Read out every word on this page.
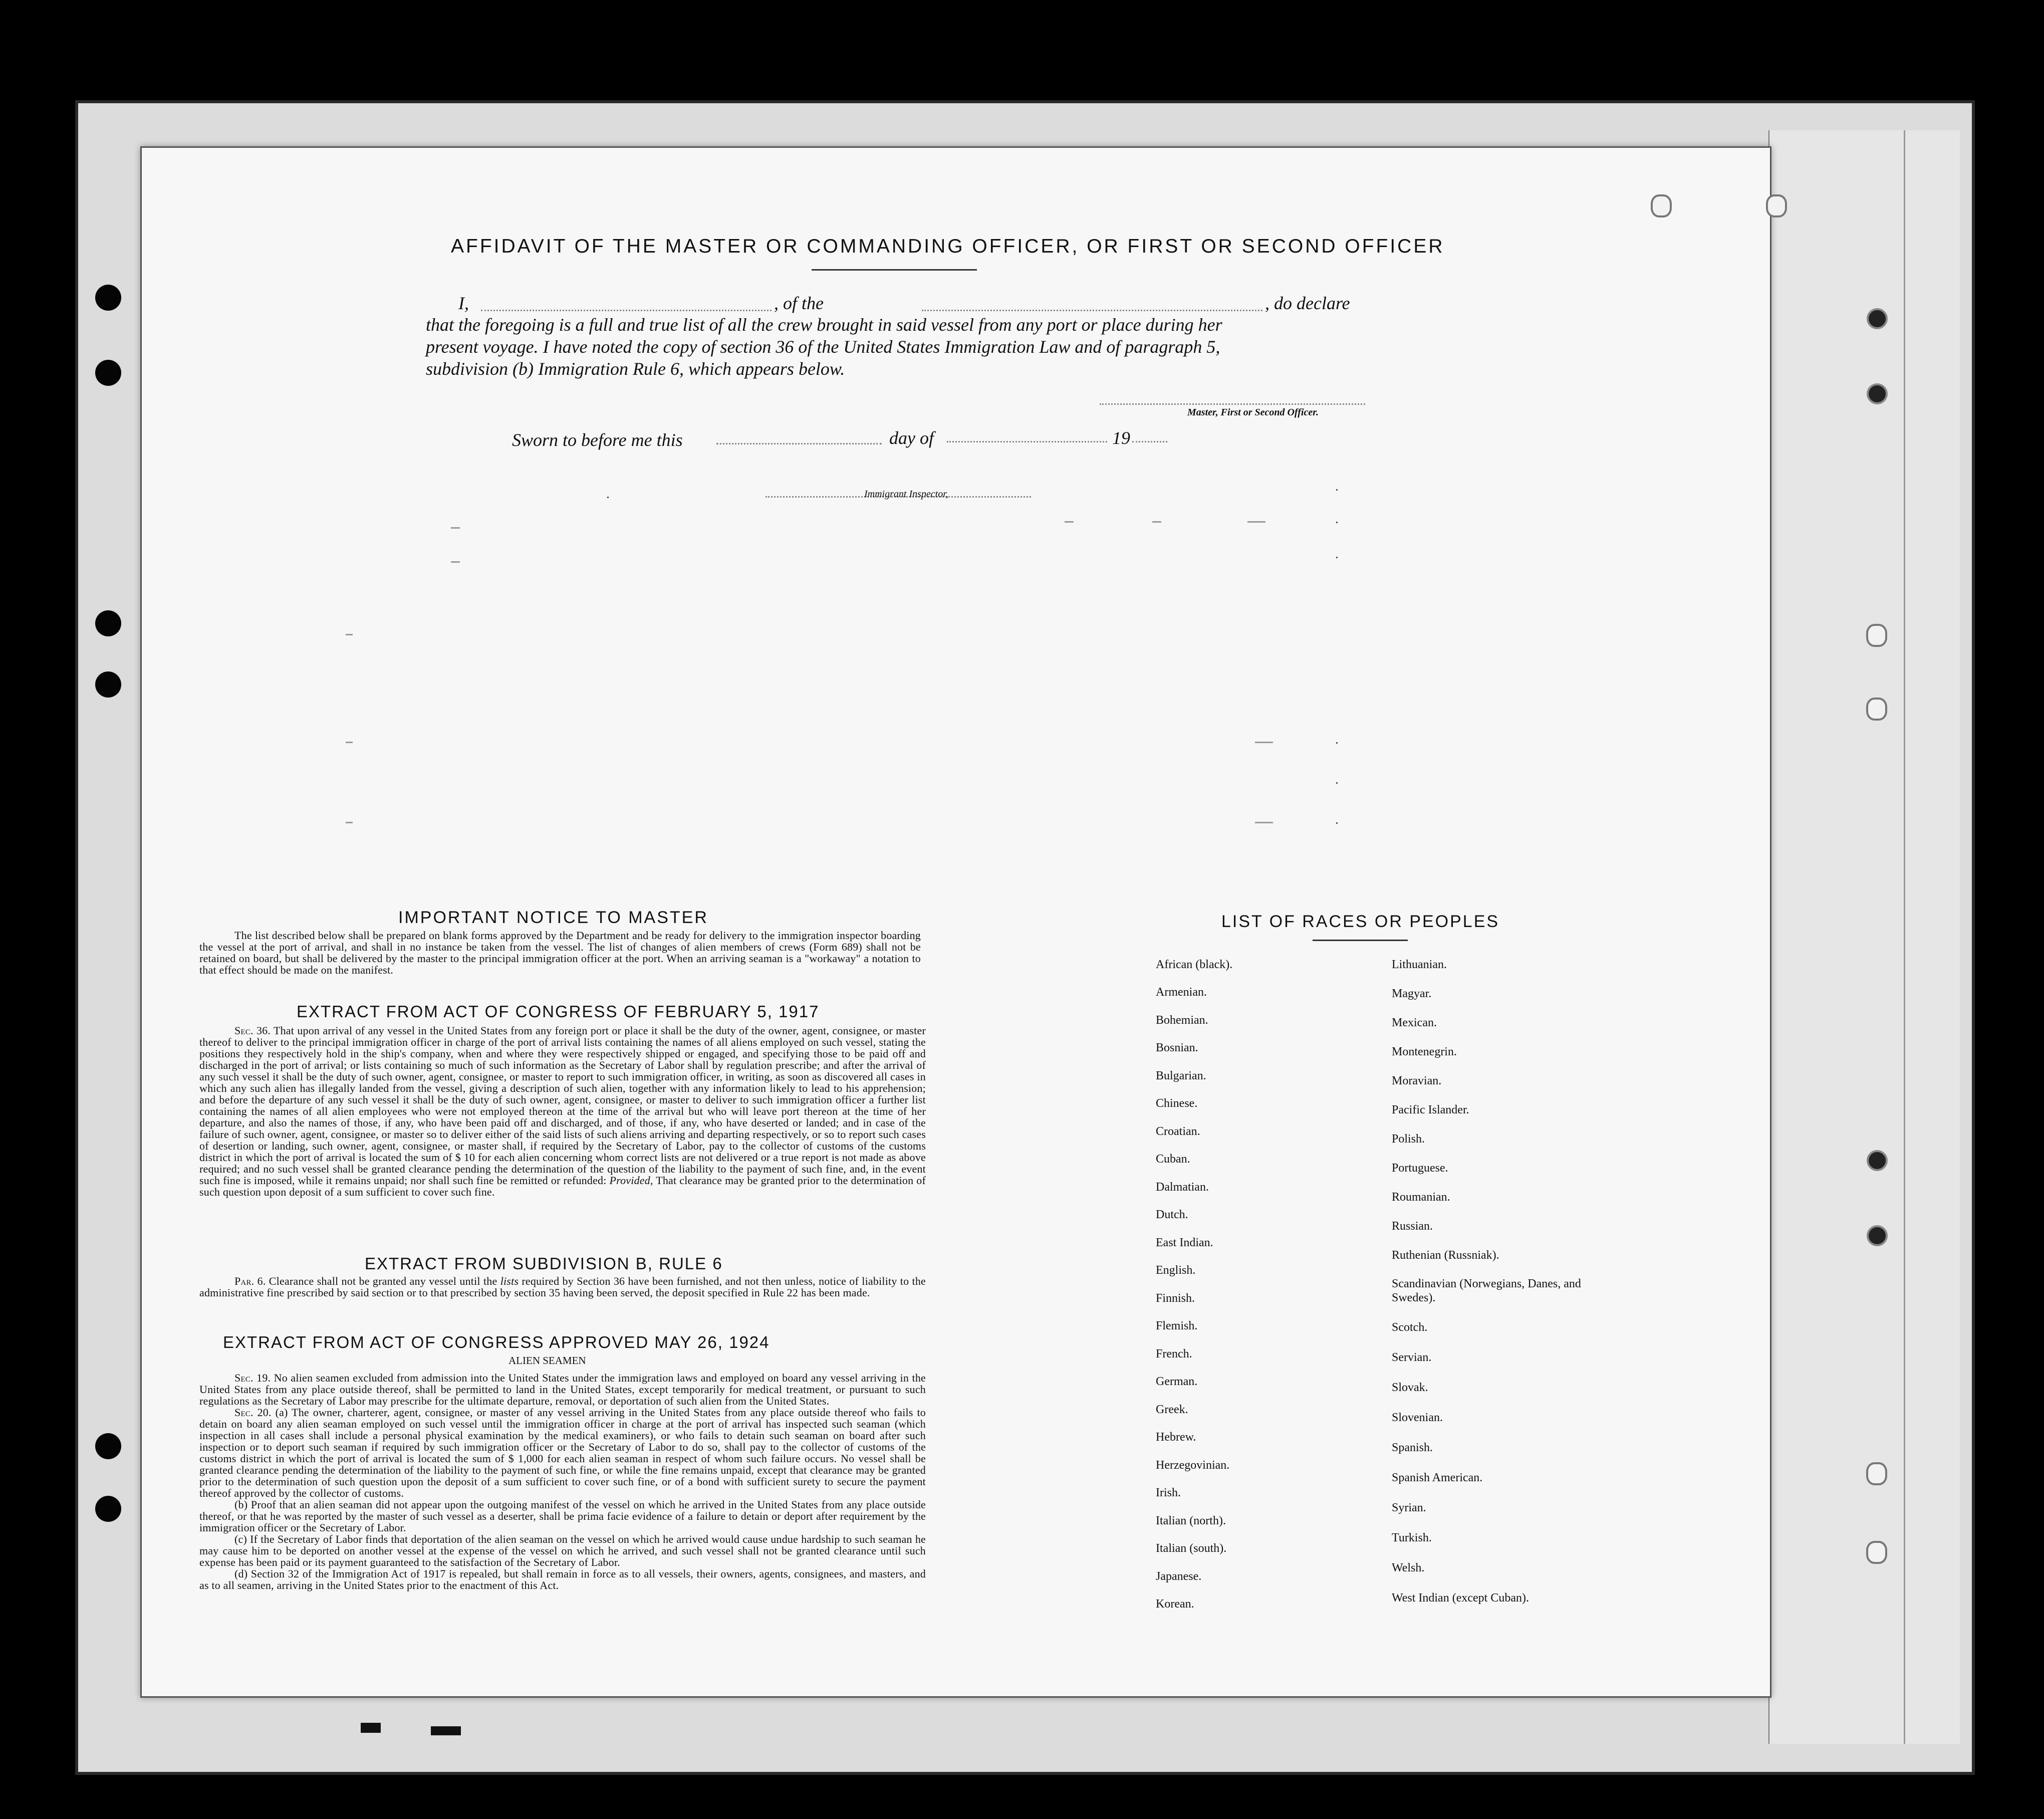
AFFIDAVIT OF THE MASTER OR COMMANDING OFFICER, OR FIRST OR SECOND OFFICER
I,	, of the	, do declare
that the foregoing is a full and true list of all the crew brought in said vessel from any port or place during her
present voyage. I have noted the copy of section 36 of the United States Immigration Law and of paragraph 5,
subdivision (b) Immigration Rule 6, which appears below.
Master, First or Second Officer.
Sworn to before me this	day of	19
Immigrant Inspector,
.	.
.
.
.
.
.
IMPORTANT NOTICE TO MASTER

The list described below shall be prepared on blank forms approved by the Department and be ready for delivery to the immigration inspector boarding the vessel at the port of arrival, and shall in no instance be taken from the vessel. The list of changes of alien members of crews (Form 689) shall not be retained on board, but shall be delivered by the master to the principal immigration officer at the port. When an arriving seaman is a "workaway" a notation to that effect should be made on the manifest.

EXTRACT FROM ACT OF CONGRESS OF FEBRUARY 5, 1917

Sec. 36. That upon arrival of any vessel in the United States from any foreign port or place it shall be the duty of the owner, agent, consignee, or master thereof to deliver to the principal immigration officer in charge of the port of arrival lists containing the names of all aliens employed on such vessel, stating the positions they respectively hold in the ship's company, when and where they were respectively shipped or engaged, and specifying those to be paid off and discharged in the port of arrival; or lists containing so much of such information as the Secretary of Labor shall by regulation prescribe; and after the arrival of any such vessel it shall be the duty of such owner, agent, consignee, or master to report to such immigration officer, in writing, as soon as discovered all cases in which any such alien has illegally landed from the vessel, giving a description of such alien, together with any information likely to lead to his apprehension; and before the departure of any such vessel it shall be the duty of such owner, agent, consignee, or master to deliver to such immigration officer a further list containing the names of all alien employees who were not employed thereon at the time of the arrival but who will leave port thereon at the time of her departure, and also the names of those, if any, who have been paid off and discharged, and of those, if any, who have deserted or landed; and in case of the failure of such owner, agent, consignee, or master so to deliver either of the said lists of such aliens arriving and departing respectively, or so to report such cases of desertion or landing, such owner, agent, consignee, or master shall, if required by the Secretary of Labor, pay to the collector of customs of the customs district in which the port of arrival is located the sum of $ 10 for each alien concerning whom correct lists are not delivered or a true report is not made as above required; and no such vessel shall be granted clearance pending the determination of the question of the liability to the payment of such fine, and, in the event such fine is imposed, while it remains unpaid; nor shall such fine be remitted or refunded: Provided, That clearance may be granted prior to the determination of such question upon deposit of a sum sufficient to cover such fine.

EXTRACT FROM SUBDIVISION B, RULE 6

Par. 6. Clearance shall not be granted any vessel until the lists required by Section 36 have been furnished, and not then unless, notice of liability to the administrative fine prescribed by said section or to that prescribed by section 35 having been served, the deposit specified in Rule 22 has been made.

EXTRACT FROM ACT OF CONGRESS APPROVED MAY 26, 1924
ALIEN SEAMEN

Sec. 19. No alien seamen excluded from admission into the United States under the immigration laws and employed on board any vessel arriving in the United States from any place outside thereof, shall be permitted to land in the United States, except temporarily for medical treatment, or pursuant to such regulations as the Secretary of Labor may prescribe for the ultimate departure, removal, or deportation of such alien from the United States.

Sec. 20. (a) The owner, charterer, agent, consignee, or master of any vessel arriving in the United States from any place outside thereof who fails to detain on board any alien seaman employed on such vessel until the immigration officer in charge at the port of arrival has inspected such seaman (which inspection in all cases shall include a personal physical examination by the medical examiners), or who fails to detain such seaman on board after such inspection or to deport such seaman if required by such immigration officer or the Secretary of Labor to do so, shall pay to the collector of customs of the customs district in which the port of arrival is located the sum of $ 1,000 for each alien seaman in respect of whom such failure occurs. No vessel shall be granted clearance pending the determination of the liability to the payment of such fine, or while the fine remains unpaid, except that clearance may be granted prior to the determination of such question upon the deposit of a sum sufficient to cover such fine, or of a bond with sufficient surety to secure the payment thereof approved by the collector of customs.

(b) Proof that an alien seaman did not appear upon the outgoing manifest of the vessel on which he arrived in the United States from any place outside thereof, or that he was reported by the master of such vessel as a deserter, shall be prima facie evidence of a failure to detain or deport after requirement by the immigration officer or the Secretary of Labor.

(c) If the Secretary of Labor finds that deportation of the alien seaman on the vessel on which he arrived would cause undue hardship to such seaman he may cause him to be deported on another vessel at the expense of the vessel on which he arrived, and such vessel shall not be granted clearance until such expense has been paid or its payment guaranteed to the satisfaction of the Secretary of Labor.

(d) Section 32 of the Immigration Act of 1917 is repealed, but shall remain in force as to all vessels, their owners, agents, consignees, and masters, and as to all seamen, arriving in the United States prior to the enactment of this Act.

LIST OF RACES OR PEOPLES
African (black).
Armenian.
Bohemian.
Bosnian.
Bulgarian.
Chinese.
Croatian.
Cuban.
Dalmatian.
Dutch.
East Indian.
English.
Finnish.
Flemish.
French.
German.
Greek.
Hebrew.
Herzegovinian.
Irish.
Italian (north).
Italian (south).
Japanese.
Korean.
Lithuanian.
Magyar.
Mexican.
Montenegrin.
Moravian.
Pacific Islander.
Polish.
Portuguese.
Roumanian.
Russian.
Ruthenian (Russniak).
Scandinavian (Norwegians, Danes, and Swedes).
Scotch.
Servian.
Slovak.
Slovenian.
Spanish.
Spanish American.
Syrian.
Turkish.
Welsh.
West Indian (except Cuban).
